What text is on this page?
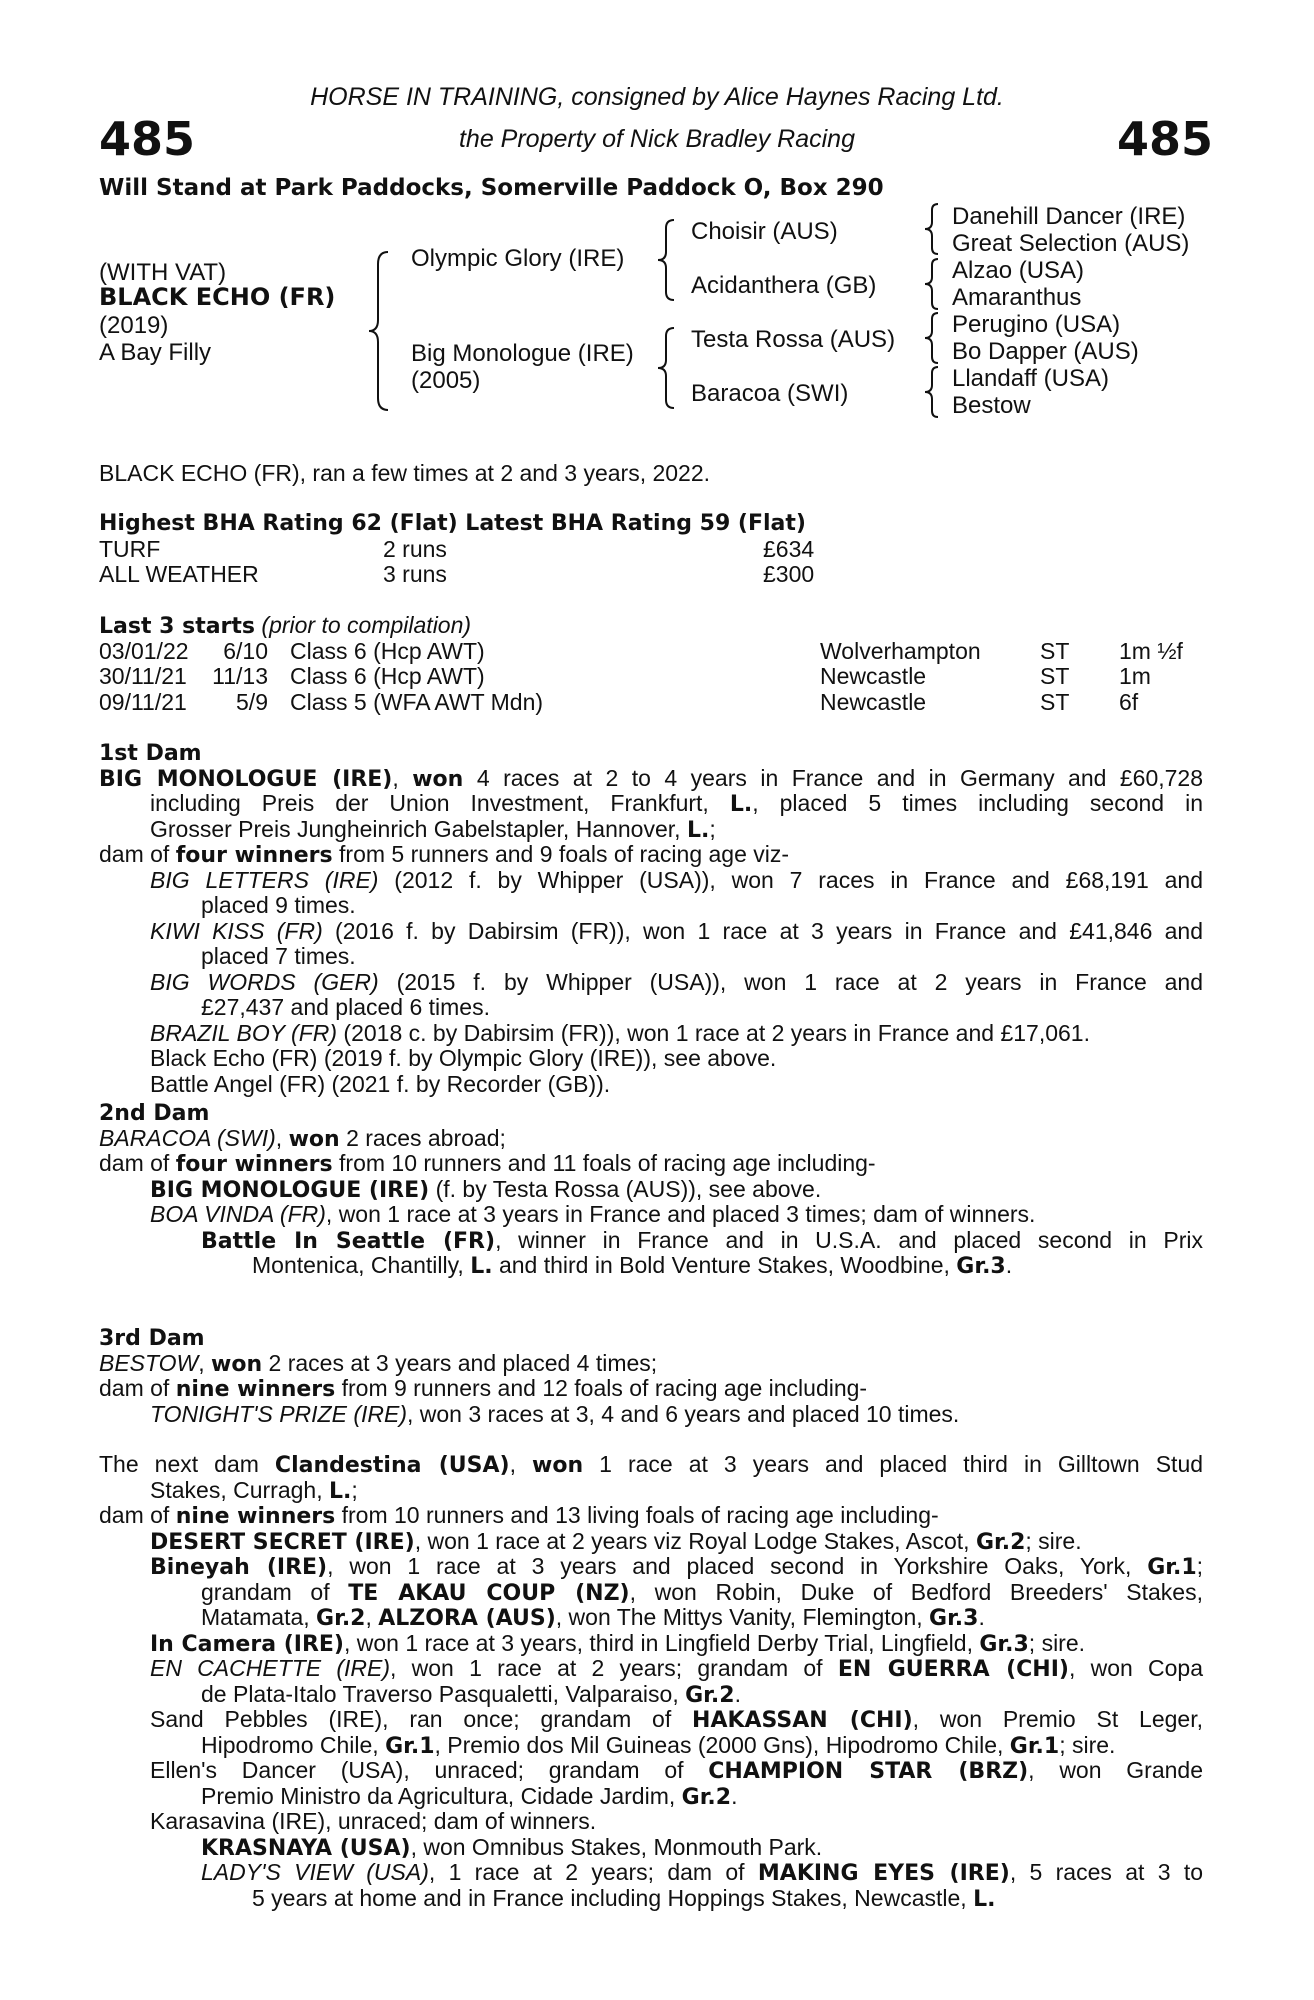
485	485
HORSE IN TRAINING, consigned by Alice Haynes Racing Ltd.
the Property of Nick Bradley Racing
Will Stand at Park Paddocks, Somerville Paddock O, Box 290
(WITH VAT)
BLACK ECHO (FR)
(2019)
A Bay Filly
Olympic Glory (IRE)
Big Monologue (IRE)
(2005)
Choisir (AUS)
Acidanthera (GB)
Testa Rossa (AUS)
Baracoa (SWI)
Danehill Dancer (IRE)
Great Selection (AUS)
Alzao (USA)
Amaranthus
Perugino (USA)
Bo Dapper (AUS)
Llandaff (USA)
Bestow
BLACK ECHO (FR), ran a few times at 2 and 3 years, 2022.
Highest BHA Rating 62 (Flat) Latest BHA Rating 59 (Flat)
TURF	2 runs	£634
ALL WEATHER	3 runs	£300
Last 3 starts (prior to compilation)
03/01/22	6/10 Class 6 (Hcp AWT)	Wolverhampton	ST 1m ½f
30/11/21 11/13 Class 6 (Hcp AWT)	Newcastle	ST 1m
09/11/21	5/9 Class 5 (WFA AWT Mdn)	Newcastle	ST 6f
1st Dam
BIG MONOLOGUE (IRE), won 4 races at 2 to 4 years in France and in Germany and £60,728
including Preis der Union Investment, Frankfurt, L., placed 5 times including second in
Grosser Preis Jungheinrich Gabelstapler, Hannover, L.;
dam of four winners from 5 runners and 9 foals of racing age viz-
BIG LETTERS (IRE) (2012 f. by Whipper (USA)), won 7 races in France and £68,191 and
placed 9 times.
KIWI KISS (FR) (2016 f. by Dabirsim (FR)), won 1 race at 3 years in France and £41,846 and
placed 7 times.
BIG WORDS (GER) (2015 f. by Whipper (USA)), won 1 race at 2 years in France and
£27,437 and placed 6 times.
BRAZIL BOY (FR) (2018 c. by Dabirsim (FR)), won 1 race at 2 years in France and £17,061.
Black Echo (FR) (2019 f. by Olympic Glory (IRE)), see above.
Battle Angel (FR) (2021 f. by Recorder (GB)).
2nd Dam
BARACOA (SWI), won 2 races abroad;
dam of four winners from 10 runners and 11 foals of racing age including-
BIG MONOLOGUE (IRE) (f. by Testa Rossa (AUS)), see above.
BOA VINDA (FR), won 1 race at 3 years in France and placed 3 times; dam of winners.
Battle In Seattle (FR), winner in France and in U.S.A. and placed second in Prix
Montenica, Chantilly, L. and third in Bold Venture Stakes, Woodbine, Gr.3.
3rd Dam
BESTOW, won 2 races at 3 years and placed 4 times;
dam of nine winners from 9 runners and 12 foals of racing age including-
TONIGHT'S PRIZE (IRE), won 3 races at 3, 4 and 6 years and placed 10 times.
The next dam Clandestina (USA), won 1 race at 3 years and placed third in Gilltown Stud
Stakes, Curragh, L.;
dam of nine winners from 10 runners and 13 living foals of racing age including-
DESERT SECRET (IRE), won 1 race at 2 years viz Royal Lodge Stakes, Ascot, Gr.2; sire.
Bineyah (IRE), won 1 race at 3 years and placed second in Yorkshire Oaks, York, Gr.1;
grandam of TE AKAU COUP (NZ), won Robin, Duke of Bedford Breeders' Stakes,
Matamata, Gr.2, ALZORA (AUS), won The Mittys Vanity, Flemington, Gr.3.
In Camera (IRE), won 1 race at 3 years, third in Lingfield Derby Trial, Lingfield, Gr.3; sire.
EN CACHETTE (IRE), won 1 race at 2 years; grandam of EN GUERRA (CHI), won Copa
de Plata-Italo Traverso Pasqualetti, Valparaiso, Gr.2.
Sand Pebbles (IRE), ran once; grandam of HAKASSAN (CHI), won Premio St Leger,
Hipodromo Chile, Gr.1, Premio dos Mil Guineas (2000 Gns), Hipodromo Chile, Gr.1; sire.
Ellen's Dancer (USA), unraced; grandam of CHAMPION STAR (BRZ), won Grande
Premio Ministro da Agricultura, Cidade Jardim, Gr.2.
Karasavina (IRE), unraced; dam of winners.
KRASNAYA (USA), won Omnibus Stakes, Monmouth Park.
LADY'S VIEW (USA), 1 race at 2 years; dam of MAKING EYES (IRE), 5 races at 3 to
5 years at home and in France including Hoppings Stakes, Newcastle, L.
